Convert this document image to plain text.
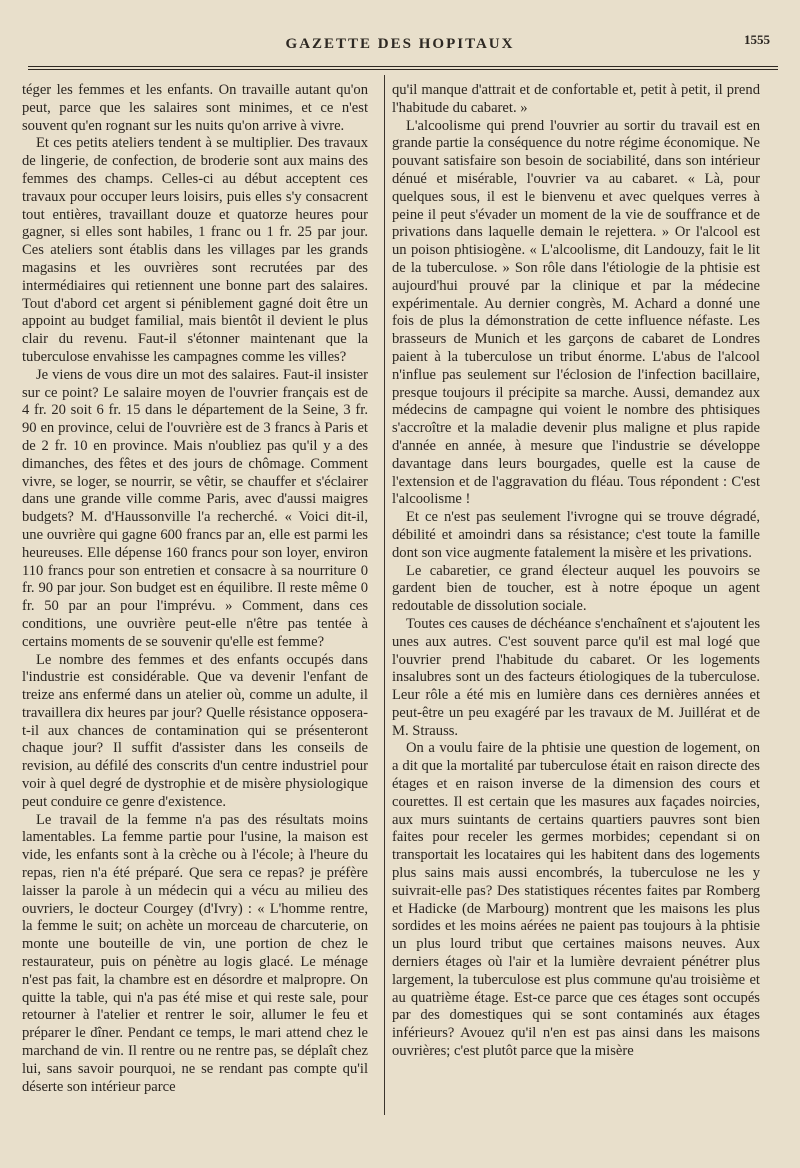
GAZETTE DES HOPITAUX	1555

téger les femmes et les enfants. On travaille autant qu'on peut, parce que les salaires sont minimes, et ce n'est souvent qu'en rognant sur les nuits qu'on arrive à vivre.

Et ces petits ateliers tendent à se multiplier. Des travaux de lingerie, de confection, de broderie sont aux mains des femmes des champs. Celles-ci au début acceptent ces travaux pour occuper leurs loisirs, puis elles s'y consacrent tout entières, travaillant douze et quatorze heures pour gagner, si elles sont habiles, 1 franc ou 1 fr. 25 par jour. Ces ateliers sont établis dans les villages par les grands magasins et les ouvrières sont recrutées par des intermédiaires qui retiennent une bonne part des salaires. Tout d'abord cet argent si péniblement gagné doit être un appoint au budget familial, mais bientôt il devient le plus clair du revenu. Faut-il s'étonner maintenant que la tuberculose envahisse les campagnes comme les villes?

Je viens de vous dire un mot des salaires. Faut-il insister sur ce point? Le salaire moyen de l'ouvrier français est de 4 fr. 20 soit 6 fr. 15 dans le département de la Seine, 3 fr. 90 en province, celui de l'ouvrière est de 3 francs à Paris et de 2 fr. 10 en province. Mais n'oubliez pas qu'il y a des dimanches, des fêtes et des jours de chômage. Comment vivre, se loger, se nourrir, se vêtir, se chauffer et s'éclairer dans une grande ville comme Paris, avec d'aussi maigres budgets? M. d'Haussonville l'a recherché. « Voici dit-il, une ouvrière qui gagne 600 francs par an, elle est parmi les heureuses. Elle dépense 160 francs pour son loyer, environ 110 francs pour son entretien et consacre à sa nourriture 0 fr. 90 par jour. Son budget est en équilibre. Il reste même 0 fr. 50 par an pour l'imprévu. » Comment, dans ces conditions, une ouvrière peut-elle n'être pas tentée à certains moments de se souvenir qu'elle est femme?

Le nombre des femmes et des enfants occupés dans l'industrie est considérable. Que va devenir l'enfant de treize ans enfermé dans un atelier où, comme un adulte, il travaillera dix heures par jour? Quelle résistance opposera-t-il aux chances de contamination qui se présenteront chaque jour? Il suffit d'assister dans les conseils de revision, au défilé des conscrits d'un centre industriel pour voir à quel degré de dystrophie et de misère physiologique peut conduire ce genre d'existence.

Le travail de la femme n'a pas des résultats moins lamentables. La femme partie pour l'usine, la maison est vide, les enfants sont à la crèche ou à l'école; à l'heure du repas, rien n'a été préparé. Que sera ce repas? je préfère laisser la parole à un médecin qui a vécu au milieu des ouvriers, le docteur Courgey (d'Ivry) : « L'homme rentre, la femme le suit; on achète un morceau de charcuterie, on monte une bouteille de vin, une portion de chez le restaurateur, puis on pénètre au logis glacé. Le ménage n'est pas fait, la chambre est en désordre et malpropre. On quitte la table, qui n'a pas été mise et qui reste sale, pour retourner à l'atelier et rentrer le soir, allumer le feu et préparer le dîner. Pendant ce temps, le mari attend chez le marchand de vin. Il rentre ou ne rentre pas, se déplaît chez lui, sans savoir pourquoi, ne se rendant pas compte qu'il déserte son intérieur parce

qu'il manque d'attrait et de confortable et, petit à petit, il prend l'habitude du cabaret. »

L'alcoolisme qui prend l'ouvrier au sortir du travail est en grande partie la conséquence du notre régime économique. Ne pouvant satisfaire son besoin de sociabilité, dans son intérieur dénué et misérable, l'ouvrier va au cabaret. « Là, pour quelques sous, il est le bienvenu et avec quelques verres à peine il peut s'évader un moment de la vie de souffrance et de privations dans laquelle demain le rejettera. » Or l'alcool est un poison phtisiogène. « L'alcoolisme, dit Landouzy, fait le lit de la tuberculose. » Son rôle dans l'étiologie de la phtisie est aujourd'hui prouvé par la clinique et par la médecine expérimentale. Au dernier congrès, M. Achard a donné une fois de plus la démonstration de cette influence néfaste. Les brasseurs de Munich et les garçons de cabaret de Londres paient à la tuberculose un tribut énorme. L'abus de l'alcool n'influe pas seulement sur l'éclosion de l'infection bacillaire, presque toujours il précipite sa marche. Aussi, demandez aux médecins de campagne qui voient le nombre des phtisiques s'accroître et la maladie devenir plus maligne et plus rapide d'année en année, à mesure que l'industrie se développe davantage dans leurs bourgades, quelle est la cause de l'extension et de l'aggravation du fléau. Tous répondent : C'est l'alcoolisme !

Et ce n'est pas seulement l'ivrogne qui se trouve dégradé, débilité et amoindri dans sa résistance; c'est toute la famille dont son vice augmente fatalement la misère et les privations.

Le cabaretier, ce grand électeur auquel les pouvoirs se gardent bien de toucher, est à notre époque un agent redoutable de dissolution sociale.

Toutes ces causes de déchéance s'enchaînent et s'ajoutent les unes aux autres. C'est souvent parce qu'il est mal logé que l'ouvrier prend l'habitude du cabaret. Or les logements insalubres sont un des facteurs étiologiques de la tuberculose. Leur rôle a été mis en lumière dans ces dernières années et peut-être un peu exagéré par les travaux de M. Juillérat et de M. Strauss.

On a voulu faire de la phtisie une question de logement, on a dit que la mortalité par tuberculose était en raison directe des étages et en raison inverse de la dimension des cours et courettes. Il est certain que les masures aux façades noircies, aux murs suintants de certains quartiers pauvres sont bien faites pour receler les germes morbides; cependant si on transportait les locataires qui les habitent dans des logements plus sains mais aussi encombrés, la tuberculose ne les y suivrait-elle pas? Des statistiques récentes faites par Romberg et Hadicke (de Marbourg) montrent que les maisons les plus sordides et les moins aérées ne paient pas toujours à la phtisie un plus lourd tribut que certaines maisons neuves. Aux derniers étages où l'air et la lumière devraient pénétrer plus largement, la tuberculose est plus commune qu'au troisième et au quatrième étage. Est-ce parce que ces étages sont occupés par des domestiques qui se sont contaminés aux étages inférieurs? Avouez qu'il n'en est pas ainsi dans les maisons ouvrières; c'est plutôt parce que la misère
